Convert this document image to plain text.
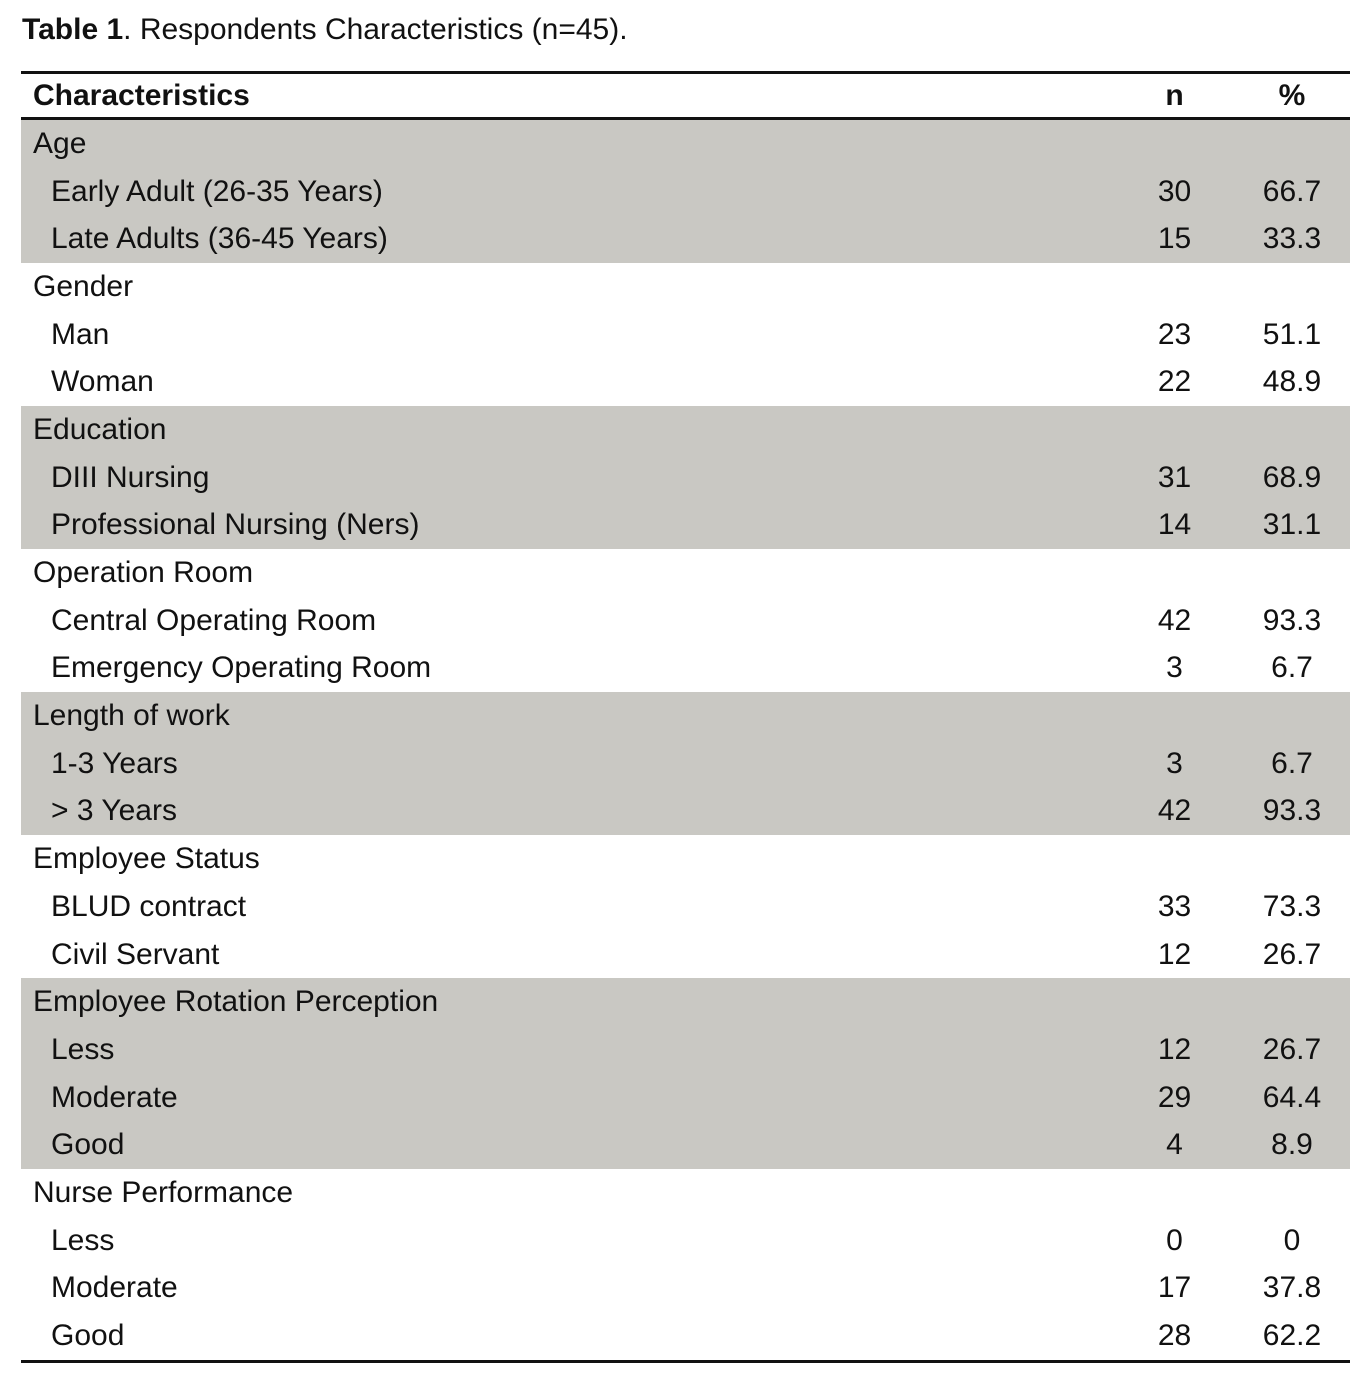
Table 1. Respondents Characteristics (n=45).
Characteristics	n	%
Age		
Early Adult (26-35 Years)	30	66.7
Late Adults (36-45 Years)	15	33.3
Gender		
Man	23	51.1
Woman	22	48.9
Education		
DIII Nursing	31	68.9
Professional Nursing (Ners)	14	31.1
Operation Room		
Central Operating Room	42	93.3
Emergency Operating Room	3	6.7
Length of work		
1-3 Years	3	6.7
> 3 Years	42	93.3
Employee Status		
BLUD contract	33	73.3
Civil Servant	12	26.7
Employee Rotation Perception		
Less	12	26.7
Moderate	29	64.4
Good	4	8.9
Nurse Performance		
Less	0	0
Moderate	17	37.8
Good	28	62.2
